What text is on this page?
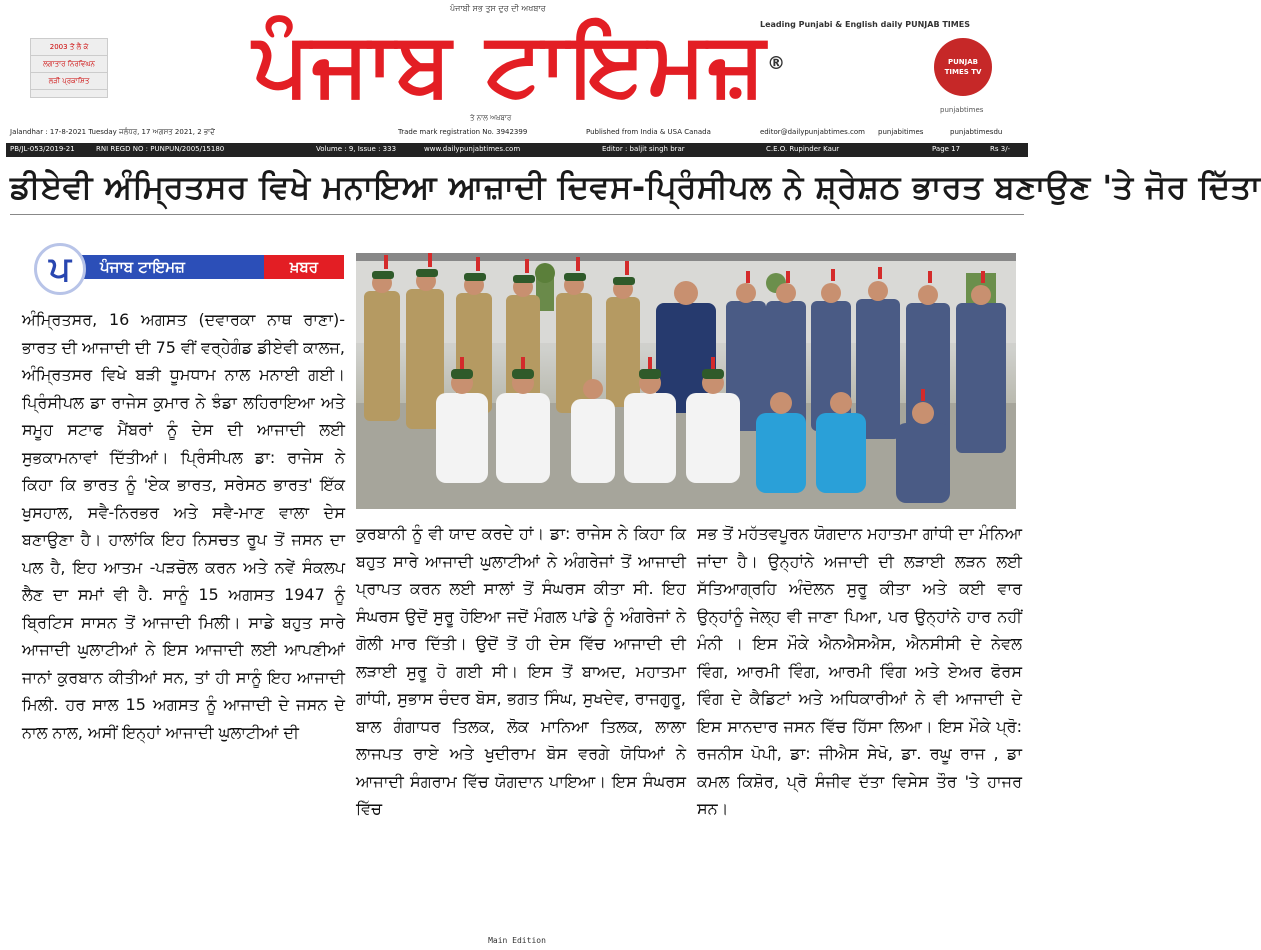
2003 ਤੋਂ ਲੈ ਕੇ
ਲਗਾਤਾਰ ਨਿਰਵਿਘਨ
ਲੜੀ ਪ੍ਰਕਾਸ਼ਿਤ
ਪੰਜਾਬੀ ਸਭ ਤੁਸ ਦੁਰ ਦੀ ਅਖਬਾਰ
Leading Punjabi & English daily PUNJAB TIMES
ਪੰਜਾਬ ਟਾਇਮਜ਼®
ਤੇ ਨਾਲ ਅਖ਼ਬਾਰ
PUNJAB
TIMES TV
punjabtimes
Jalandhar : 17-8-2021 Tuesday ਜਲੰਧਰ, 17 ਅਗਸਤ 2021, 2 ਭਾਦੋਂ	Trade mark registration No. 3942399	Published from India & USA Canada	editor@dailypunjabtimes.com punjabitimes	punjabtimesdu
PB/JL-053/2019-21	RNI REGD NO : PUNPUN/2005/15180	Volume : 9, Issue : 333	www.dailypunjabtimes.com	Editor : baljit singh brar	C.E.O. Rupinder Kaur	Page 17	Rs 3/-
ਡੀਏਵੀ ਅੰਮ੍ਰਿਤਸਰ ਵਿਖੇ ਮਨਾਇਆ ਆਜ਼ਾਦੀ ਦਿਵਸ-ਪ੍ਰਿੰਸੀਪਲ ਨੇ ਸ਼੍ਰੇਸ਼ਠ ਭਾਰਤ ਬਣਾਉਣ 'ਤੇ ਜੋਰ ਦਿੱਤਾ
ਪੰਜਾਬ ਟਾਇਮਜ਼	ਖ਼ਬਰ
ਪ

ਅੰਮ੍ਰਿਤਸਰ, 16 ਅਗਸਤ (ਦਵਾਰਕਾ ਨਾਥ ਰਾਣਾ)-ਭਾਰਤ ਦੀ ਆਜਾਦੀ ਦੀ 75 ਵੀਂ ਵਰ੍ਹੇਗੰਡ ਡੀਏਵੀ ਕਾਲਜ, ਅੰਮ੍ਰਿਤਸਰ ਵਿਖੇ ਬੜੀ ਧੂਮਧਾਮ ਨਾਲ ਮਨਾਈ ਗਈ। ਪ੍ਰਿੰਸੀਪਲ ਡਾ ਰਾਜੇਸ ਕੁਮਾਰ ਨੇ ਝੰਡਾ ਲਹਿਰਾਇਆ ਅਤੇ ਸਮੂਹ ਸਟਾਫ ਮੈਂਬਰਾਂ ਨੂੰ ਦੇਸ ਦੀ ਆਜਾਦੀ ਲਈ ਸੁਭਕਾਮਨਾਵਾਂ ਦਿੱਤੀਆਂ। ਪ੍ਰਿੰਸੀਪਲ ਡਾ: ਰਾਜੇਸ ਨੇ ਕਿਹਾ ਕਿ ਭਾਰਤ ਨੂੰ 'ਏਕ ਭਾਰਤ, ਸਰੇਸਠ ਭਾਰਤ' ਇੱਕ ਖੁਸਹਾਲ, ਸਵੈ-ਨਿਰਭਰ ਅਤੇ ਸਵੈ-ਮਾਣ ਵਾਲਾ ਦੇਸ ਬਣਾਉਣਾ ਹੈ। ਹਾਲਾਂਕਿ ਇਹ ਨਿਸਚਤ ਰੂਪ ਤੋਂ ਜਸਨ ਦਾ ਪਲ ਹੈ, ਇਹ ਆਤਮ -ਪੜਚੋਲ ਕਰਨ ਅਤੇ ਨਵੇਂ ਸੰਕਲਪ ਲੈਣ ਦਾ ਸਮਾਂ ਵੀ ਹੈ. ਸਾਨੂੰ 15 ਅਗਸਤ 1947 ਨੂੰ ਬ੍ਰਿਟਿਸ ਸਾਸਨ ਤੋਂ ਆਜਾਦੀ ਮਿਲੀ। ਸਾਡੇ ਬਹੁਤ ਸਾਰੇ ਆਜਾਦੀ ਘੁਲਾਟੀਆਂ ਨੇ ਇਸ ਆਜਾਦੀ ਲਈ ਆਪਣੀਆਂ ਜਾਨਾਂ ਕੁਰਬਾਨ ਕੀਤੀਆਂ ਸਨ, ਤਾਂ ਹੀ ਸਾਨੂੰ ਇਹ ਆਜਾਦੀ ਮਿਲੀ. ਹਰ ਸਾਲ 15 ਅਗਸਤ ਨੂੰ ਆਜਾਦੀ ਦੇ ਜਸਨ ਦੇ ਨਾਲ ਨਾਲ, ਅਸੀਂ ਇਨ੍ਹਾਂ ਆਜਾਦੀ ਘੁਲਾਟੀਆਂ ਦੀ

ਕੁਰਬਾਨੀ ਨੂੰ ਵੀ ਯਾਦ ਕਰਦੇ ਹਾਂ। ਡਾ: ਰਾਜੇਸ ਨੇ ਕਿਹਾ ਕਿ ਬਹੁਤ ਸਾਰੇ ਆਜਾਦੀ ਘੁਲਾਟੀਆਂ ਨੇ ਅੰਗਰੇਜਾਂ ਤੋਂ ਆਜਾਦੀ ਪ੍ਰਾਪਤ ਕਰਨ ਲਈ ਸਾਲਾਂ ਤੋਂ ਸੰਘਰਸ ਕੀਤਾ ਸੀ. ਇਹ ਸੰਘਰਸ ਉਦੋਂ ਸੁਰੂ ਹੋਇਆ ਜਦੋਂ ਮੰਗਲ ਪਾਂਡੇ ਨੂੰ ਅੰਗਰੇਜਾਂ ਨੇ ਗੋਲੀ ਮਾਰ ਦਿੱਤੀ। ਉਦੋਂ ਤੋਂ ਹੀ ਦੇਸ ਵਿੱਚ ਆਜਾਦੀ ਦੀ ਲੜਾਈ ਸੁਰੂ ਹੋ ਗਈ ਸੀ। ਇਸ ਤੋਂ ਬਾਅਦ, ਮਹਾਤਮਾ ਗਾਂਧੀ, ਸੁਭਾਸ ਚੰਦਰ ਬੋਸ, ਭਗਤ ਸਿੰਘ, ਸੁਖਦੇਵ, ਰਾਜਗੁਰੂ, ਬਾਲ ਗੰਗਾਧਰ ਤਿਲਕ, ਲੋਕ ਮਾਨਿਆ ਤਿਲਕ, ਲਾਲਾ ਲਾਜਪਤ ਰਾਏ ਅਤੇ ਖੁਦੀਰਾਮ ਬੋਸ ਵਰਗੇ ਯੋਧਿਆਂ ਨੇ ਆਜਾਦੀ ਸੰਗਰਾਮ ਵਿੱਚ ਯੋਗਦਾਨ ਪਾਇਆ। ਇਸ ਸੰਘਰਸ ਵਿੱਚ

ਸਭ ਤੋਂ ਮਹੱਤਵਪੂਰਨ ਯੋਗਦਾਨ ਮਹਾਤਮਾ ਗਾਂਧੀ ਦਾ ਮੰਨਿਆ ਜਾਂਦਾ ਹੈ। ਉਨ੍ਹਾਂਨੇ ਅਜਾਦੀ ਦੀ ਲੜਾਈ ਲੜਨ ਲਈ ਸੱਤਿਆਗ੍ਰਹਿ ਅੰਦੋਲਨ ਸੁਰੂ ਕੀਤਾ ਅਤੇ ਕਈ ਵਾਰ ਉਨ੍ਹਾਂਨੂੰ ਜੇਲ੍ਹ ਵੀ ਜਾਣਾ ਪਿਆ, ਪਰ ਉਨ੍ਹਾਂਨੇ ਹਾਰ ਨਹੀਂ ਮੰਨੀ । ਇਸ ਮੌਕੇ ਐਨਐਸਐਸ, ਐਨਸੀਸੀ ਦੇ ਨੇਵਲ ਵਿੰਗ, ਆਰਮੀ ਵਿੰਗ, ਆਰਮੀ ਵਿੰਗ ਅਤੇ ਏਅਰ ਫੋਰਸ ਵਿੰਗ ਦੇ ਕੈਡਿਟਾਂ ਅਤੇ ਅਧਿਕਾਰੀਆਂ ਨੇ ਵੀ ਆਜਾਦੀ ਦੇ ਇਸ ਸਾਨਦਾਰ ਜਸਨ ਵਿੱਚ ਹਿੱਸਾ ਲਿਆ। ਇਸ ਮੌਕੇ ਪ੍ਰੋ: ਰਜਨੀਸ ਪੋਪੀ, ਡਾ: ਜੀਐਸ ਸੇਖੋ, ਡਾ. ਰਘੂ ਰਾਜ , ਡਾ ਕਮਲ ਕਿਸ਼ੋਰ, ਪ੍ਰੋ ਸੰਜੀਵ ਦੱਤਾ ਵਿਸੇਸ ਤੌਰ 'ਤੇ ਹਾਜਰ ਸਨ।

Main Edition
